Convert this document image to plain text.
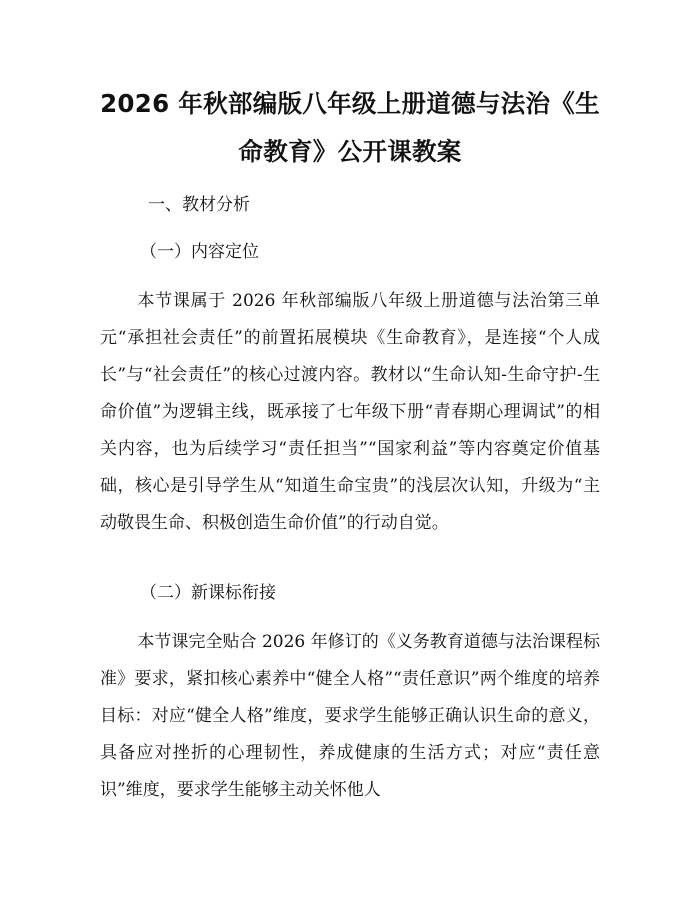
2026 年秋部编版八年级上册道德与法治《生命教育》公开课教案
一、教材分析
（一）内容定位
本节课属于 2026 年秋部编版八年级上册道德与法治第三单元“承担社会责任”的前置拓展模块《生命教育》，是连接“个人成长”与“社会责任”的核心过渡内容。教材以“生命认知-生命守护-生命价值”为逻辑主线，既承接了七年级下册“青春期心理调试”的相关内容，也为后续学习“责任担当”“国家利益”等内容奠定价值基础，核心是引导学生从“知道生命宝贵”的浅层次认知，升级为“主动敬畏生命、积极创造生命价值”的行动自觉。
（二）新课标衔接
本节课完全贴合 2026 年修订的《义务教育道德与法治课程标准》要求，紧扣核心素养中“健全人格”“责任意识”两个维度的培养目标：对应“健全人格”维度，要求学生能够正确认识生命的意义，具备应对挫折的心理韧性，养成健康的生活方式；对应“责任意识”维度，要求学生能够主动关怀他人
